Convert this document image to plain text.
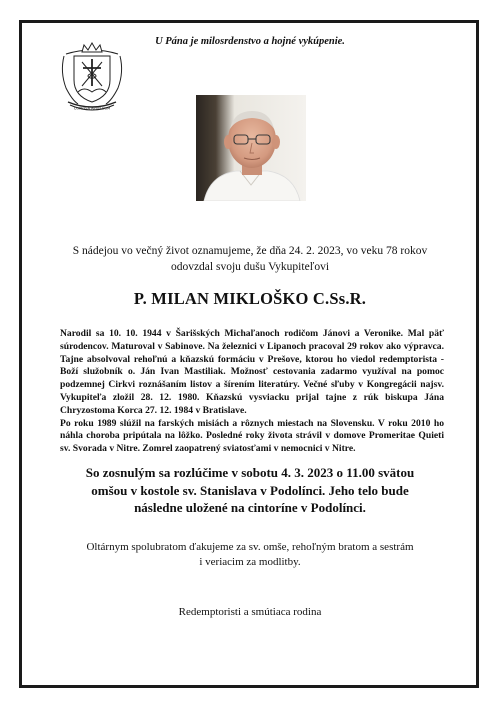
U Pána je milosrdenstvo a hojné vykúpenie.
COPIOSA APUD EUM
S nádejou vo večný život oznamujeme, že dňa 24. 2. 2023, vo veku 78 rokov
odovzdal svoju dušu Vykupiteľovi
P. MILAN MIKLOŠKO C.Ss.R.

Narodil sa 10. 10. 1944 v Šarišských Michaľanoch rodičom Jánovi a Veronike. Mal päť súrodencov. Maturoval v Sabinove. Na železnici v Lipanoch pracoval 29 rokov ako výpravca. Tajne absolvoval rehoľnú a kňazskú formáciu v Prešove, ktorou ho viedol redemptorista - Boží služobník o. Ján Ivan Mastiliak. Možnosť cestovania zadarmo využíval na pomoc podzemnej Cirkvi roznášaním listov a šírením literatúry. Večné sľuby v Kongregácii najsv. Vykupiteľa zložil 28. 12. 1980. Kňazskú vysviacku prijal tajne z rúk biskupa Jána Chryzostoma Korca 27. 12. 1984 v Bratislave.

Po roku 1989 slúžil na farských misiách a rôznych miestach na Slovensku. V roku 2010 ho náhla choroba pripútala na lôžko. Posledné roky života strávil v domove Promeritae Quieti sv. Svorada v Nitre. Zomrel zaopatrený sviatosťami v nemocnici v Nitre.

So zosnulým sa rozlúčime v sobotu 4. 3. 2023 o 11.00 svätou
omšou v kostole sv. Stanislava v Podolínci. Jeho telo bude
následne uložené na cintoríne v Podolínci.
Oltárnym spolubratom ďakujeme za sv. omše, rehoľným bratom a sestrám
i veriacim za modlitby.
Redemptoristi a smútiaca rodina
